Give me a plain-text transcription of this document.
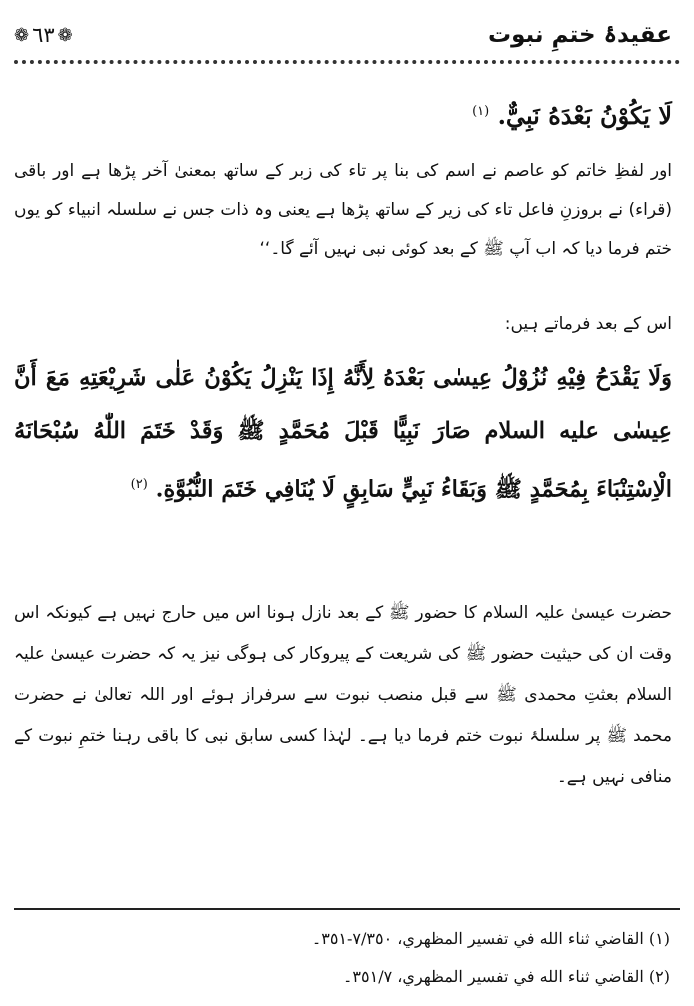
عقیدۂ ختمِ نبوت
❁ ٦٣ ❁
لَا يَكُوْنُ بَعْدَهُ نَبِيٌّ. $^{(١)}$
اور لفظِ خاتم کو عاصم نے اسم کی بنا پر تاء کی زبر کے ساتھ بمعنیٰ آخر پڑھا ہے اور باقی (قراء) نے بروزنِ فاعل تاء کی زیر کے ساتھ پڑھا ہے یعنی وہ ذات جس نے سلسلہ انبیاء کو یوں ختم فرما دیا کہ اب آپ ﷺ کے بعد کوئی نبی نہیں آئے گا۔‘‘
اس کے بعد فرماتے ہیں:
وَلَا يَقْدَحُ فِيْهِ نُزُوْلُ عِيسٰى بَعْدَهُ لِأَنَّهُ إِذَا يَنْزِلُ يَكُوْنُ عَلٰى شَرِيْعَتِهِ مَعَ أَنَّ عِيسٰى عليه السلام صَارَ نَبِيًّا قَبْلَ مُحَمَّدٍ ﷺ وَقَدْ خَتَمَ اللّٰهُ سُبْحَانَهُ الْاِسْتِنْبَاءَ بِمُحَمَّدٍ ﷺ وَبَقَاءُ نَبِيٍّ سَابِقٍ لَا يُنَافِي خَتَمَ النُّبُوَّةِ. $^{(٢)}$
حضرت عیسیٰ علیہ السلام کا حضور ﷺ کے بعد نازل ہونا اس میں حارج نہیں ہے کیونکہ اس وقت ان کی حیثیت حضور ﷺ کی شریعت کے پیروکار کی ہوگی نیز یہ کہ حضرت عیسیٰ علیہ السلام بعثتِ محمدی ﷺ سے قبل منصب نبوت سے سرفراز ہوئے اور اللہ تعالیٰ نے حضرت محمد ﷺ پر سلسلۂ نبوت ختم فرما دیا ہے۔ لہٰذا کسی سابق نبی کا باقی رہنا ختمِ نبوت کے منافی نہیں ہے۔
(١) القاضي ثناء الله في تفسير المظهري، ٧/٣٥٠-٣٥١۔
(٢) القاضي ثناء الله في تفسير المظهري، ٣٥١/٧۔
